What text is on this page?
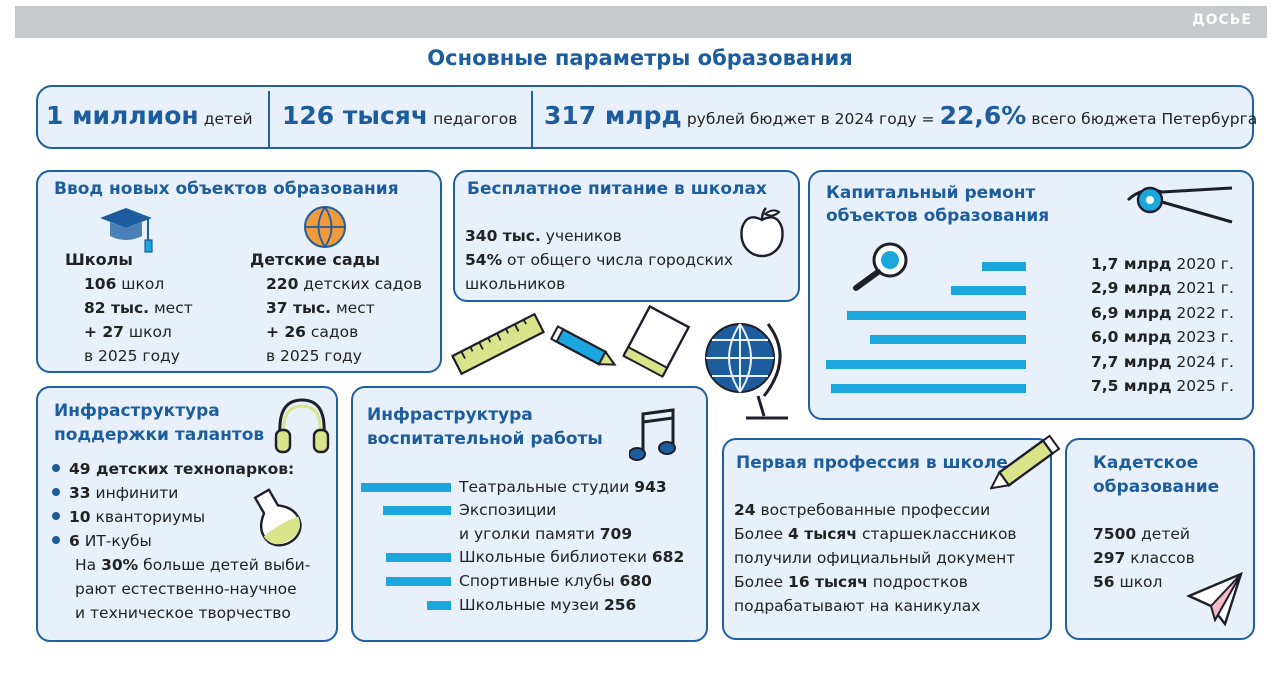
ДОСЬЕ
Основные параметры образования
1 миллион детей 126 тысяч педагогов 317 млрд рублей бюджет в 2024 году = 22,6% всего бюджета Петербурга
Ввод новых объектов образования
Школы
106 школ
82 тыс. мест
+ 27 школ
в 2025 году
Детские сады
220 детских садов
37 тыс. мест
+ 26 садов
в 2025 году
Бесплатное питание в школах
340 тыс. учеников
54% от общего числа городских
школьников
Капитальный ремонт
объектов образования
1,7 млрд 2020 г.
2,9 млрд 2021 г.
6,9 млрд 2022 г.
6,0 млрд 2023 г.
7,7 млрд 2024 г.
7,5 млрд 2025 г.
Инфраструктура
поддержки талантов
49 детских технопарков:
33 инфинити
10 кванториумы
6 ИТ-кубы
На 30% больше детей выби-
рают естественно-научное
и техническое творчество
Инфраструктура
воспитательной работы
Театральные студии 943
Экспозиции
и уголки памяти 709
Школьные библиотеки 682
Спортивные клубы 680
Школьные музеи 256
Первая профессия в школе
24 востребованные профессии
Более 4 тысяч старшеклассников
получили официальный документ
Более 16 тысяч подростков
подрабатывают на каникулах
Кадетское
образование
7500 детей
297 классов
56 школ
